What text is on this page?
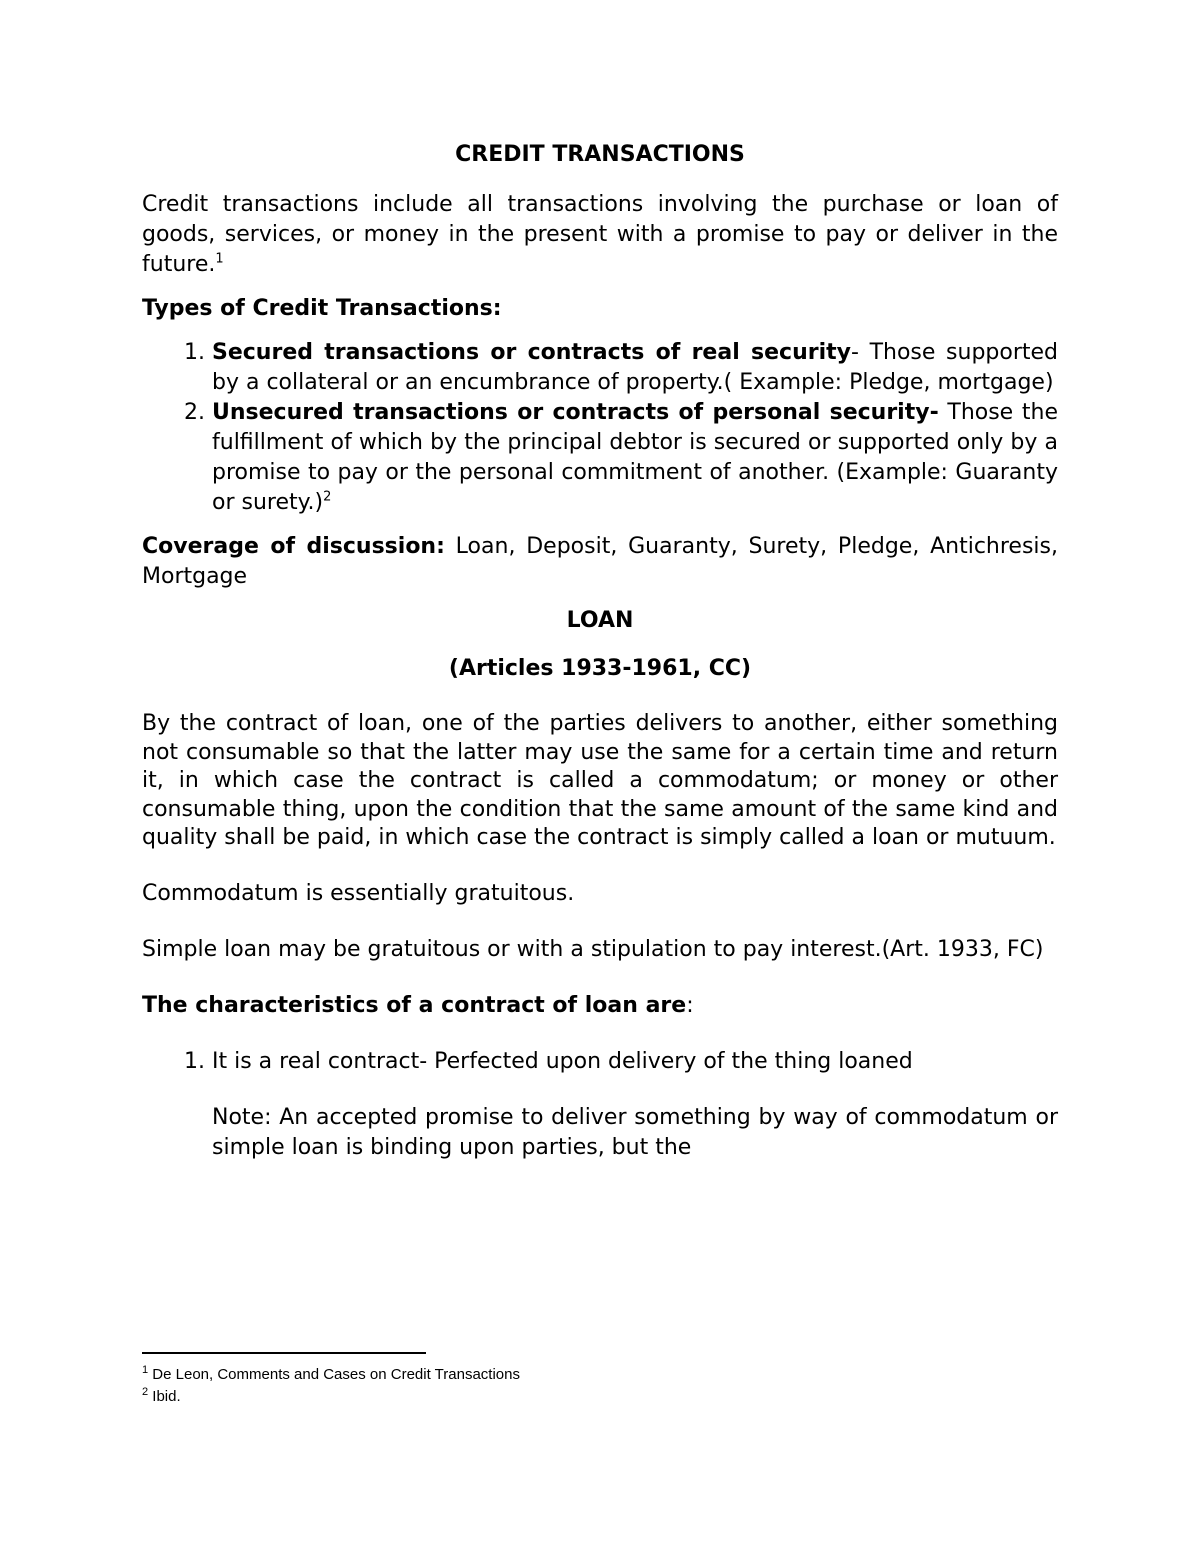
CREDIT TRANSACTIONS

Credit transactions include all transactions involving the purchase or loan of goods, services, or money in the present with a promise to pay or deliver in the future.$^1$

Types of Credit Transactions:

1. Secured transactions or contracts of real security- Those supported by a collateral or an encumbrance of property.( Example: Pledge, mortgage)
2. Unsecured transactions or contracts of personal security- Those the fulfillment of which by the principal debtor is secured or supported only by a promise to pay or the personal commitment of another. (Example: Guaranty or surety.)$^2$

Coverage of discussion: Loan, Deposit, Guaranty, Surety, Pledge, Antichresis, Mortgage

LOAN

(Articles 1933-1961, CC)

By the contract of loan, one of the parties delivers to another, either something not consumable so that the latter may use the same for a certain time and return it, in which case the contract is called a commodatum; or money or other consumable thing, upon the condition that the same amount of the same kind and quality shall be paid, in which case the contract is simply called a loan or mutuum.

Commodatum is essentially gratuitous.

Simple loan may be gratuitous or with a stipulation to pay interest.(Art. 1933, FC)

The characteristics of a contract of loan are:

1. It is a real contract- Perfected upon delivery of the thing loaned

Note: An accepted promise to deliver something by way of commodatum or simple loan is binding upon parties, but the

$^1$ De Leon, Comments and Cases on Credit Transactions
$^2$ Ibid.
